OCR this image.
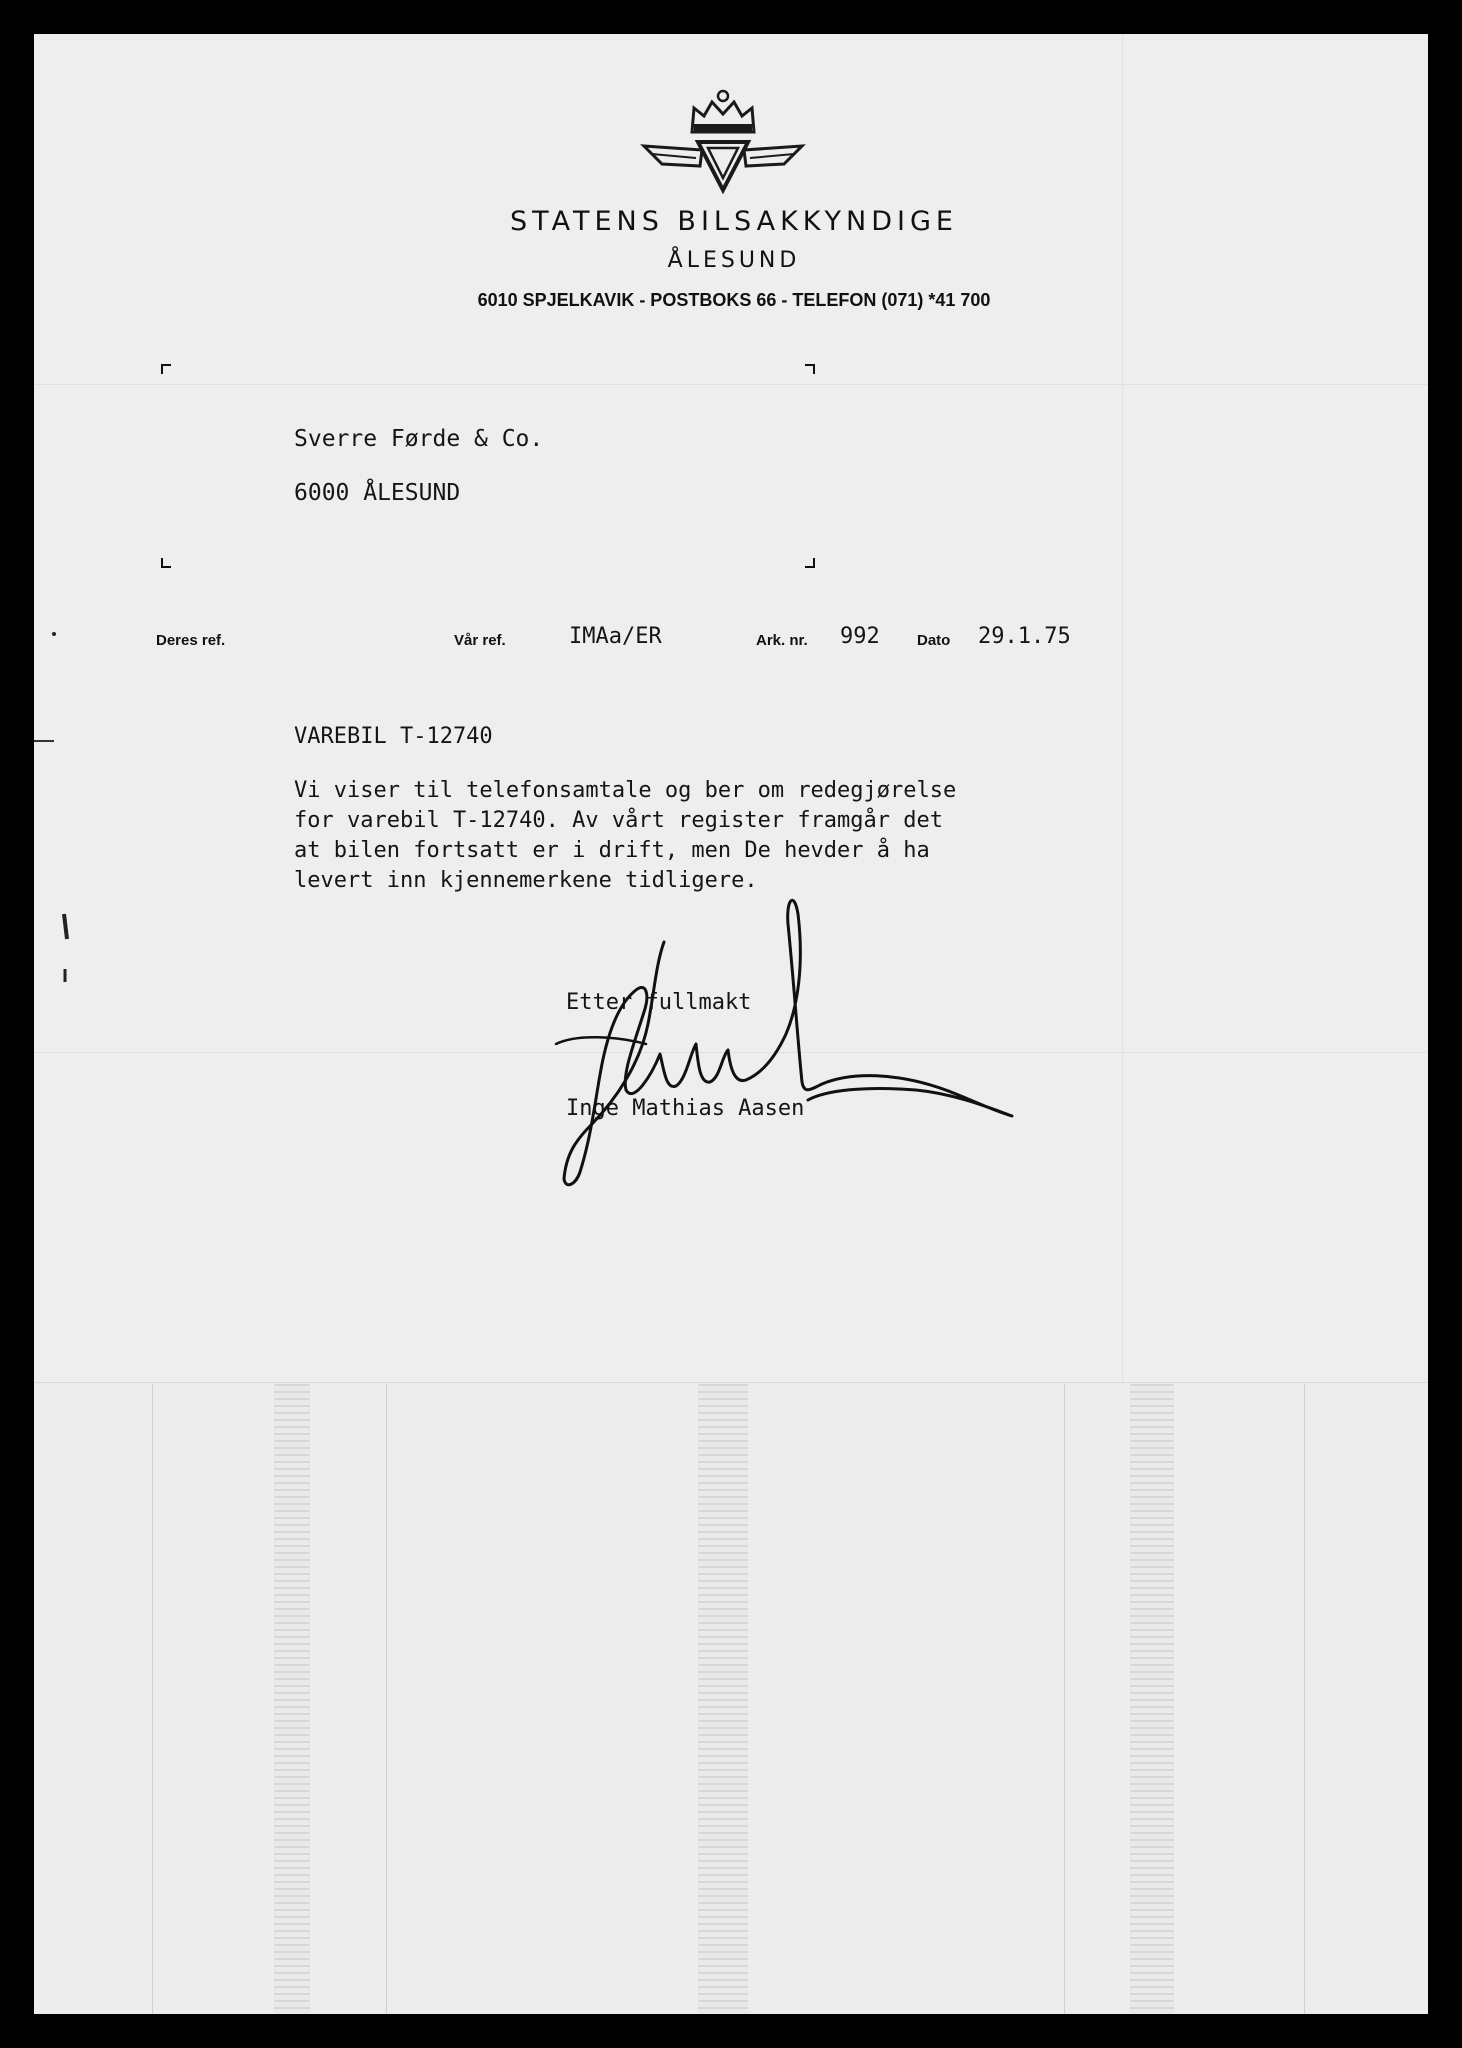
STATENS BILSAKKYNDIGE
ÅLESUND
6010 SPJELKAVIK - POSTBOKS 66 - TELEFON (071) *41 700
Sverre Førde & Co.
6000 ÅLESUND
Deres ref.	Vår ref.	IMAa/ER	Ark. nr. 992 Dato 29.1.75
VAREBIL T-12740
Vi viser til telefonsamtale og ber om redegjørelse
for varebil T-12740. Av vårt register framgår det
at bilen fortsatt er i drift, men De hevder å ha
levert inn kjennemerkene tidligere.
Etter fullmakt
Inge Mathias Aasen
